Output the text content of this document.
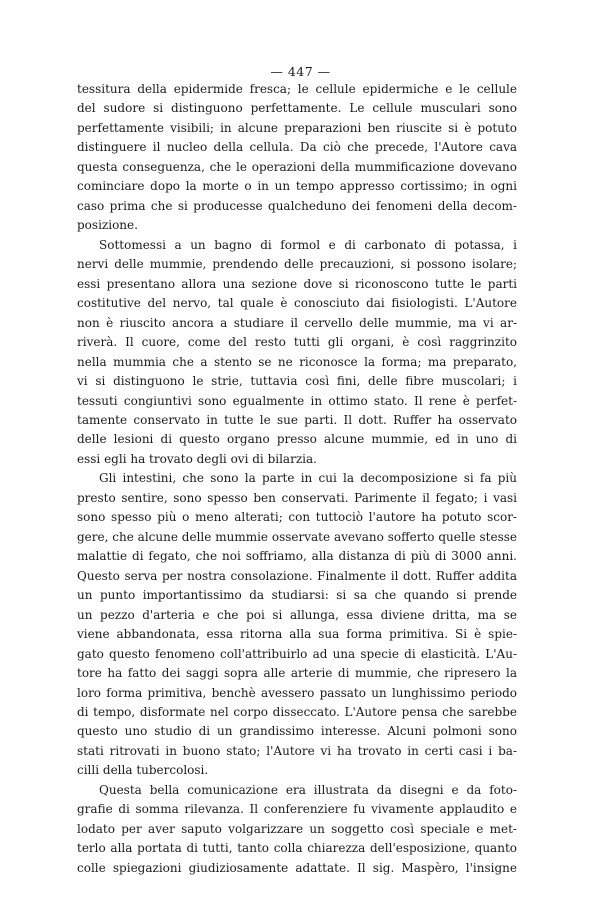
— 447 —

tessitura della epidermide fresca; le cellule epidermiche e le cellule
del sudore si distinguono perfettamente. Le cellule musculari sono
perfettamente visibili; in alcune preparazioni ben riuscite si è potuto
distinguere il nucleo della cellula. Da ciò che precede, l'Autore cava
questa conseguenza, che le operazioni della mummificazione dovevano
cominciare dopo la morte o in un tempo appresso cortissimo; in ogni
caso prima che si producesse qualcheduno dei fenomeni della decom-
posizione.

Sottomessi a un bagno di formol e di carbonato di potassa, i
nervi delle mummie, prendendo delle precauzioni, si possono isolare;
essi presentano allora una sezione dove si riconoscono tutte le parti
costitutive del nervo, tal quale è conosciuto dai fisiologisti. L'Autore
non è riuscito ancora a studiare il cervello delle mummie, ma vi ar-
riverà. Il cuore, come del resto tutti gli organi, è così raggrinzito
nella mummia che a stento se ne riconosce la forma; ma preparato,
vi si distinguono le strie, tuttavia così fini, delle fibre muscolari; i
tessuti congiuntivi sono egualmente in ottimo stato. Il rene è perfet-
tamente conservato in tutte le sue parti. Il dott. Ruffer ha osservato
delle lesioni di questo organo presso alcune mummie, ed in uno di
essi egli ha trovato degli ovi di bilarzia.

Gli intestini, che sono la parte in cui la decomposizione si fa più
presto sentire, sono spesso ben conservati. Parimente il fegato; i vasi
sono spesso più o meno alterati; con tuttociò l'autore ha potuto scor-
gere, che alcune delle mummie osservate avevano sofferto quelle stesse
malattie di fegato, che noi soffriamo, alla distanza di più di 3000 anni.
Questo serva per nostra consolazione. Finalmente il dott. Ruffer addita
un punto importantissimo da studiarsi: si sa che quando si prende
un pezzo d'arteria e che poi si allunga, essa diviene dritta, ma se
viene abbandonata, essa ritorna alla sua forma primitiva. Si è spie-
gato questo fenomeno coll'attribuirlo ad una specie di elasticità. L'Au-
tore ha fatto dei saggi sopra alle arterie di mummie, che ripresero la
loro forma primitiva, benchè avessero passato un lunghissimo periodo
di tempo, disformate nel corpo disseccato. L'Autore pensa che sarebbe
questo uno studio di un grandissimo interesse. Alcuni polmoni sono
stati ritrovati in buono stato; l'Autore vi ha trovato in certi casi i ba-
cilli della tubercolosi.

Questa bella comunicazione era illustrata da disegni e da foto-
grafie di somma rilevanza. Il conferenziere fu vivamente applaudito e
lodato per aver saputo volgarizzare un soggetto così speciale e met-
terlo alla portata di tutti, tanto colla chiarezza dell'esposizione, quanto
colle spiegazioni giudiziosamente adattate. Il sig. Maspèro, l'insigne
